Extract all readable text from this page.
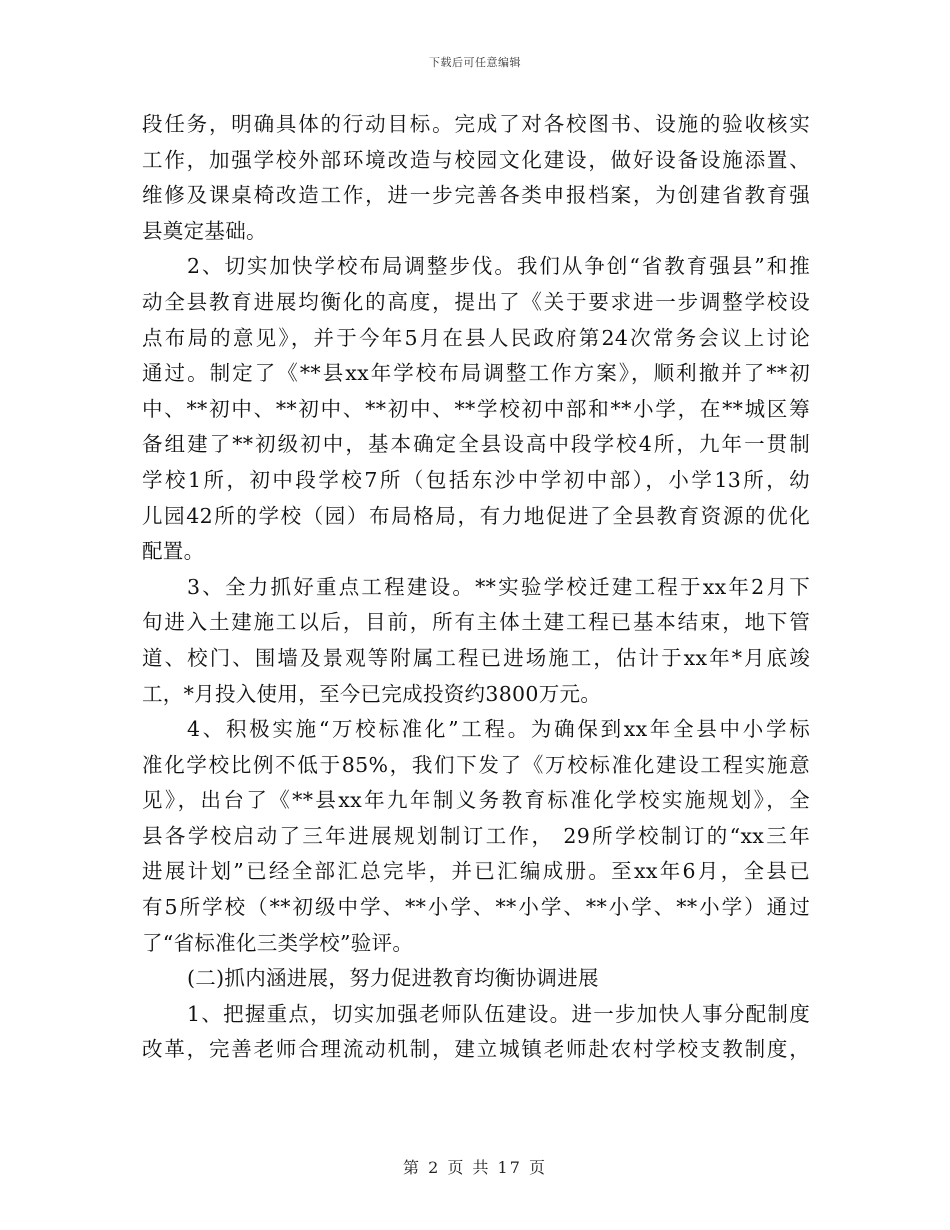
下载后可任意编辑
段任务，明确具体的行动目标。完成了对各校图书、设施的验收核实
工作，加强学校外部环境改造与校园文化建设，做好设备设施添置、
维修及课桌椅改造工作，进一步完善各类申报档案，为创建省教育强
县奠定基础。
2、切实加快学校布局调整步伐。我们从争创“省教育强县”和推
动全县教育进展均衡化的高度，提出了《关于要求进一步调整学校设
点布局的意见》，并于今年5月在县人民政府第24次常务会议上讨论
通过。制定了《**县xx年学校布局调整工作方案》，顺利撤并了**初
中、**初中、**初中、**初中、**学校初中部和**小学，在**城区筹
备组建了**初级初中，基本确定全县设高中段学校4所，九年一贯制
学校1所，初中段学校7所（包括东沙中学初中部），小学13所，幼
儿园42所的学校（园）布局格局，有力地促进了全县教育资源的优化
配置。
3、全力抓好重点工程建设。**实验学校迁建工程于xx年2月下
旬进入土建施工以后，目前，所有主体土建工程已基本结束，地下管
道、校门、围墙及景观等附属工程已进场施工，估计于xx年*月底竣
工，*月投入使用，至今已完成投资约3800万元。
4、积极实施“万校标准化”工程。为确保到xx年全县中小学标
准化学校比例不低于85%，我们下发了《万校标准化建设工程实施意
见》，出台了《**县xx年九年制义务教育标准化学校实施规划》，全
县各学校启动了三年进展规划制订工作， 29所学校制订的“xx三年
进展计划”已经全部汇总完毕，并已汇编成册。至xx年6月，全县已
有5所学校（**初级中学、**小学、**小学、**小学、**小学）通过
了“省标准化三类学校”验评。
(二)抓内涵进展，努力促进教育均衡协调进展
1、把握重点，切实加强老师队伍建设。进一步加快人事分配制度
改革，完善老师合理流动机制，建立城镇老师赴农村学校支教制度，
第 2 页 共 17 页
